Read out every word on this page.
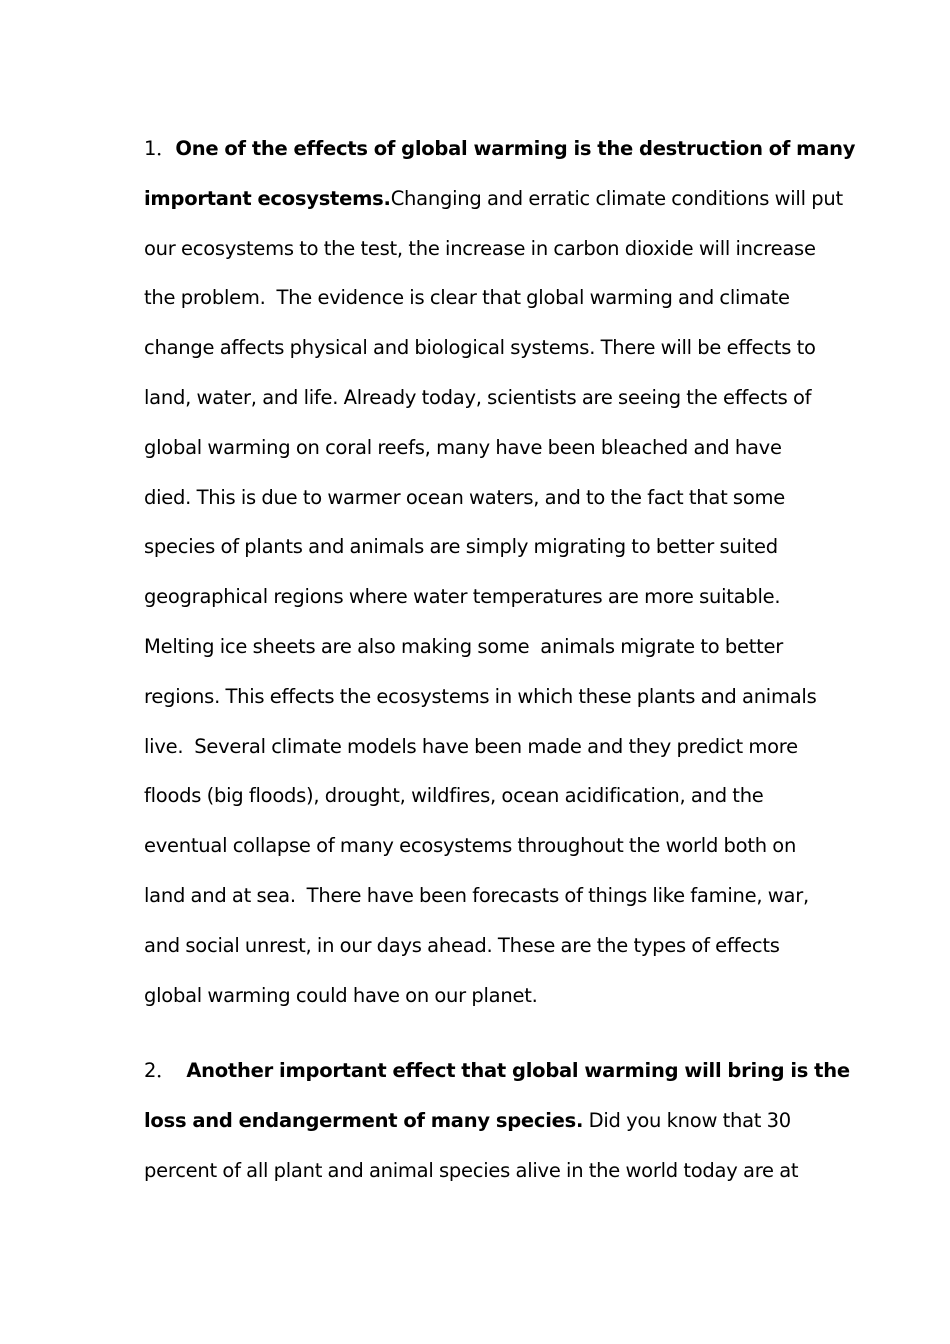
1．One of the effects of global warming is the destruction of many
important ecosystems.Changing and erratic climate conditions will put
our ecosystems to the test, the increase in carbon dioxide will increase
the problem.  The evidence is clear that global warming and climate
change affects physical and biological systems. There will be effects to
land, water, and life. Already today, scientists are seeing the effects of
global warming on coral reefs, many have been bleached and have
died. This is due to warmer ocean waters, and to the fact that some
species of plants and animals are simply migrating to better suited
geographical regions where water temperatures are more suitable.
Melting ice sheets are also making some  animals migrate to better
regions. This effects the ecosystems in which these plants and animals
live.  Several climate models have been made and they predict more
floods (big floods), drought, wildfires, ocean acidification, and the
eventual collapse of many ecosystems throughout the world both on
land and at sea.  There have been forecasts of things like famine, war,
and social unrest, in our days ahead. These are the types of effects
global warming could have on our planet.
2．  Another important effect that global warming will bring is the
loss and endangerment of many species. Did you know that 30
percent of all plant and animal species alive in the world today are at
